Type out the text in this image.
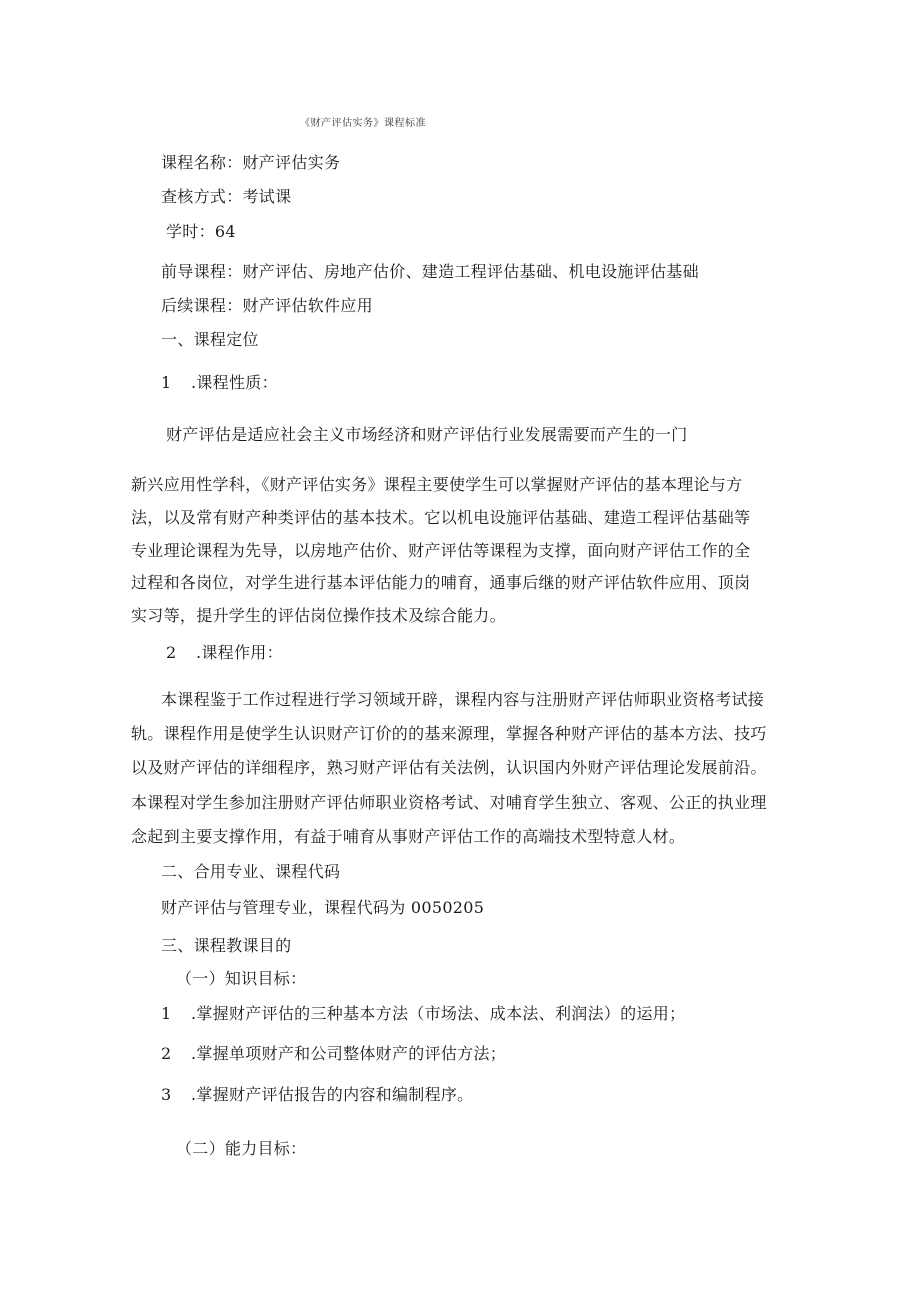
《财产评估实务》课程标准
课程名称：财产评估实务
查核方式：考试课
学时：64
前导课程：财产评估、房地产估价、建造工程评估基础、机电设施评估基础
后续课程：财产评估软件应用
一、课程定位
1 .课程性质：
财产评估是适应社会主义市场经济和财产评估行业发展需要而产生的一门
新兴应用性学科，《财产评估实务》课程主要使学生可以掌握财产评估的基本理论与方
法，以及常有财产种类评估的基本技术。它以机电设施评估基础、建造工程评估基础等
专业理论课程为先导，以房地产估价、财产评估等课程为支撑，面向财产评估工作的全
过程和各岗位，对学生进行基本评估能力的哺育，通事后继的财产评估软件应用、顶岗
实习等，提升学生的评估岗位操作技术及综合能力。
2 .课程作用：
本课程鉴于工作过程进行学习领域开辟，课程内容与注册财产评估师职业资格考试接
轨。课程作用是使学生认识财产订价的的基来源理，掌握各种财产评估的基本方法、技巧
以及财产评估的详细程序，熟习财产评估有关法例，认识国内外财产评估理论发展前沿。
本课程对学生参加注册财产评估师职业资格考试、对哺育学生独立、客观、公正的执业理
念起到主要支撑作用，有益于哺育从事财产评估工作的高端技术型特意人材。
二、合用专业、课程代码
财产评估与管理专业，课程代码为 0050205
三、课程教课目的
（一）知识目标：
1 .掌握财产评估的三种基本方法（市场法、成本法、利润法）的运用；
2 .掌握单项财产和公司整体财产的评估方法；
3 .掌握财产评估报告的内容和编制程序。
（二）能力目标：
